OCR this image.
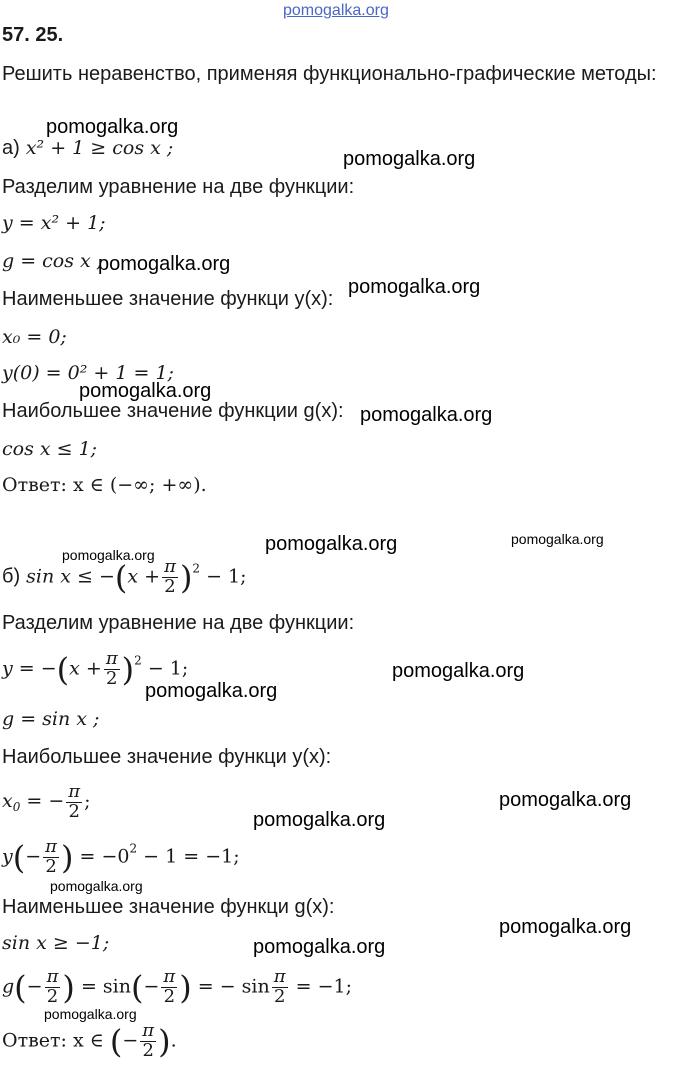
pomogalka.org
pomogalka.org
pomogalka.org
pomogalka.org
pomogalka.org
pomogalka.org
pomogalka.org
pomogalka.org	pomogalka.org
pomogalka.org
pomogalka.org
pomogalka.org
pomogalka.org
pomogalka.org
pomogalka.org
pomogalka.org
pomogalka.org
pomogalka.org
57. 25.
Решить неравенство, применяя функционально-графические методы:
а) x² + 1 ≥ cos x ;
Разделим уравнение на две функции:
y = x² + 1;
g = cos x ;
Наименьшее значение функци y(x):
x₀ = 0;
y(0) = 0² + 1 = 1;
Наибольшее значение функции g(x):
cos x ≤ 1;
Ответ: x ∈ (−∞; +∞).
б) $\sin x \le -(x + \frac{\pi}{2} )^2 - 1$;
Разделим уравнение на две функции:
$y = -(x + \frac{\pi}{2} )^2 - 1$;
g = sin x ;
Наибольшее значение функци y(x):
$x_0$ = − $\frac{\pi}{2}$ ;
$y(- \frac{\pi}{2}$ ) = $-0^2 - 1 = -1$;
Наименьшее значение функци g(x):
sin x ≥ −1;
$g(- \frac{\pi}{2}$ ) = $\sin(- \frac{\pi}{2}$ ) = − $\sin \frac{\pi}{2} = -1$;
Ответ: x ∈ (− $\frac{\pi}{2}$ ).
